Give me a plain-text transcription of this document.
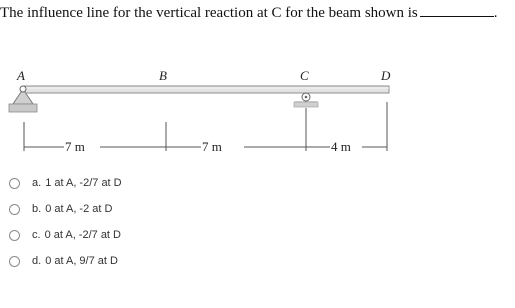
The influence line for the vertical reaction at C for the beam shown is	.
A	B	C	D
7 m	7 m	4 m
a. 1 at A, -2/7 at D
b. 0 at A, -2 at D
c. 0 at A, -2/7 at D
d. 0 at A, 9/7 at D
